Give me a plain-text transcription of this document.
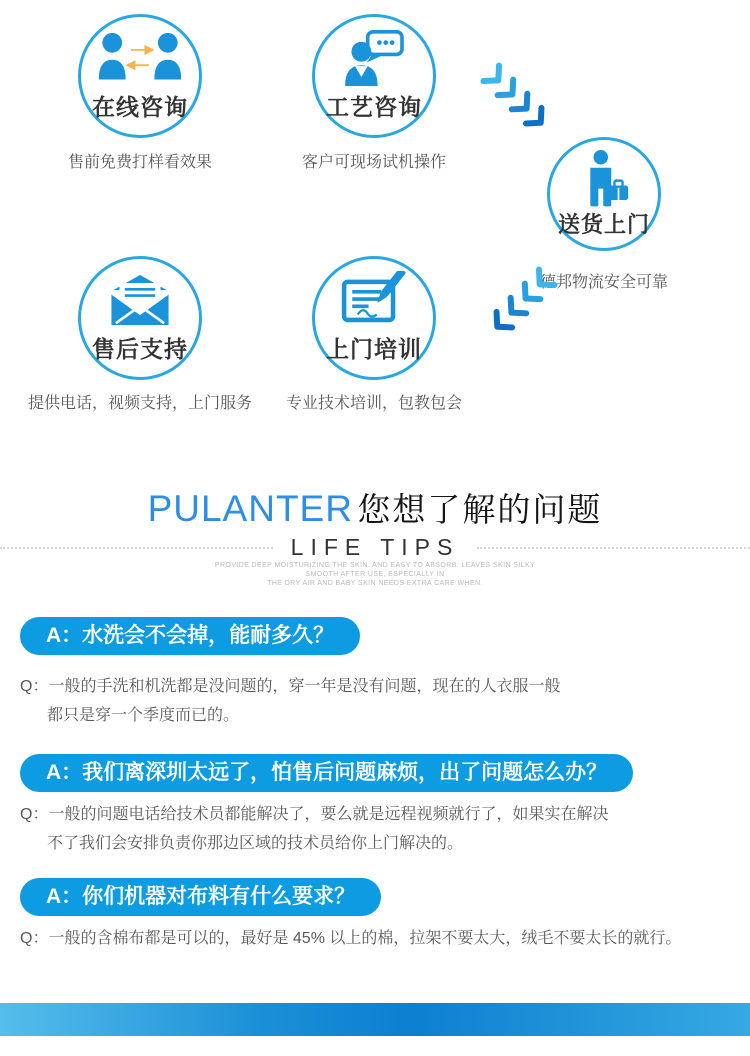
在线咨询
售前免费打样看效果
工艺咨询
客户可现场试机操作
送货上门
德邦物流安全可靠
售后支持
提供电话，视频支持，上门服务
上门培训
专业技术培训，包教包会
PULANTER 您想了解的问题
LIFE TIPS
PROVIDE DEEP MOISTURIZING THE SKIN. AND EASY TO ABSORB. LEAVES SKIN SILKY
SMOOTH AFTER USE, ESPECIALLY IN
THE DRY AIR AND BABY SKIN NEEDS EXTRA CARE WHEN.
A：水洗会不会掉，能耐多久？
Q：一般的手洗和机洗都是没问题的，穿一年是没有问题，现在的人衣服一般
都只是穿一个季度而已的。
A：我们离深圳太远了，怕售后问题麻烦，出了问题怎么办？
Q：一般的问题电话给技术员都能解决了，要么就是远程视频就行了，如果实在解决
不了我们会安排负责你那边区域的技术员给你上门解决的。
A：你们机器对布料有什么要求？
Q：一般的含棉布都是可以的，最好是 45% 以上的棉，拉架不要太大，绒毛不要太长的就行。
